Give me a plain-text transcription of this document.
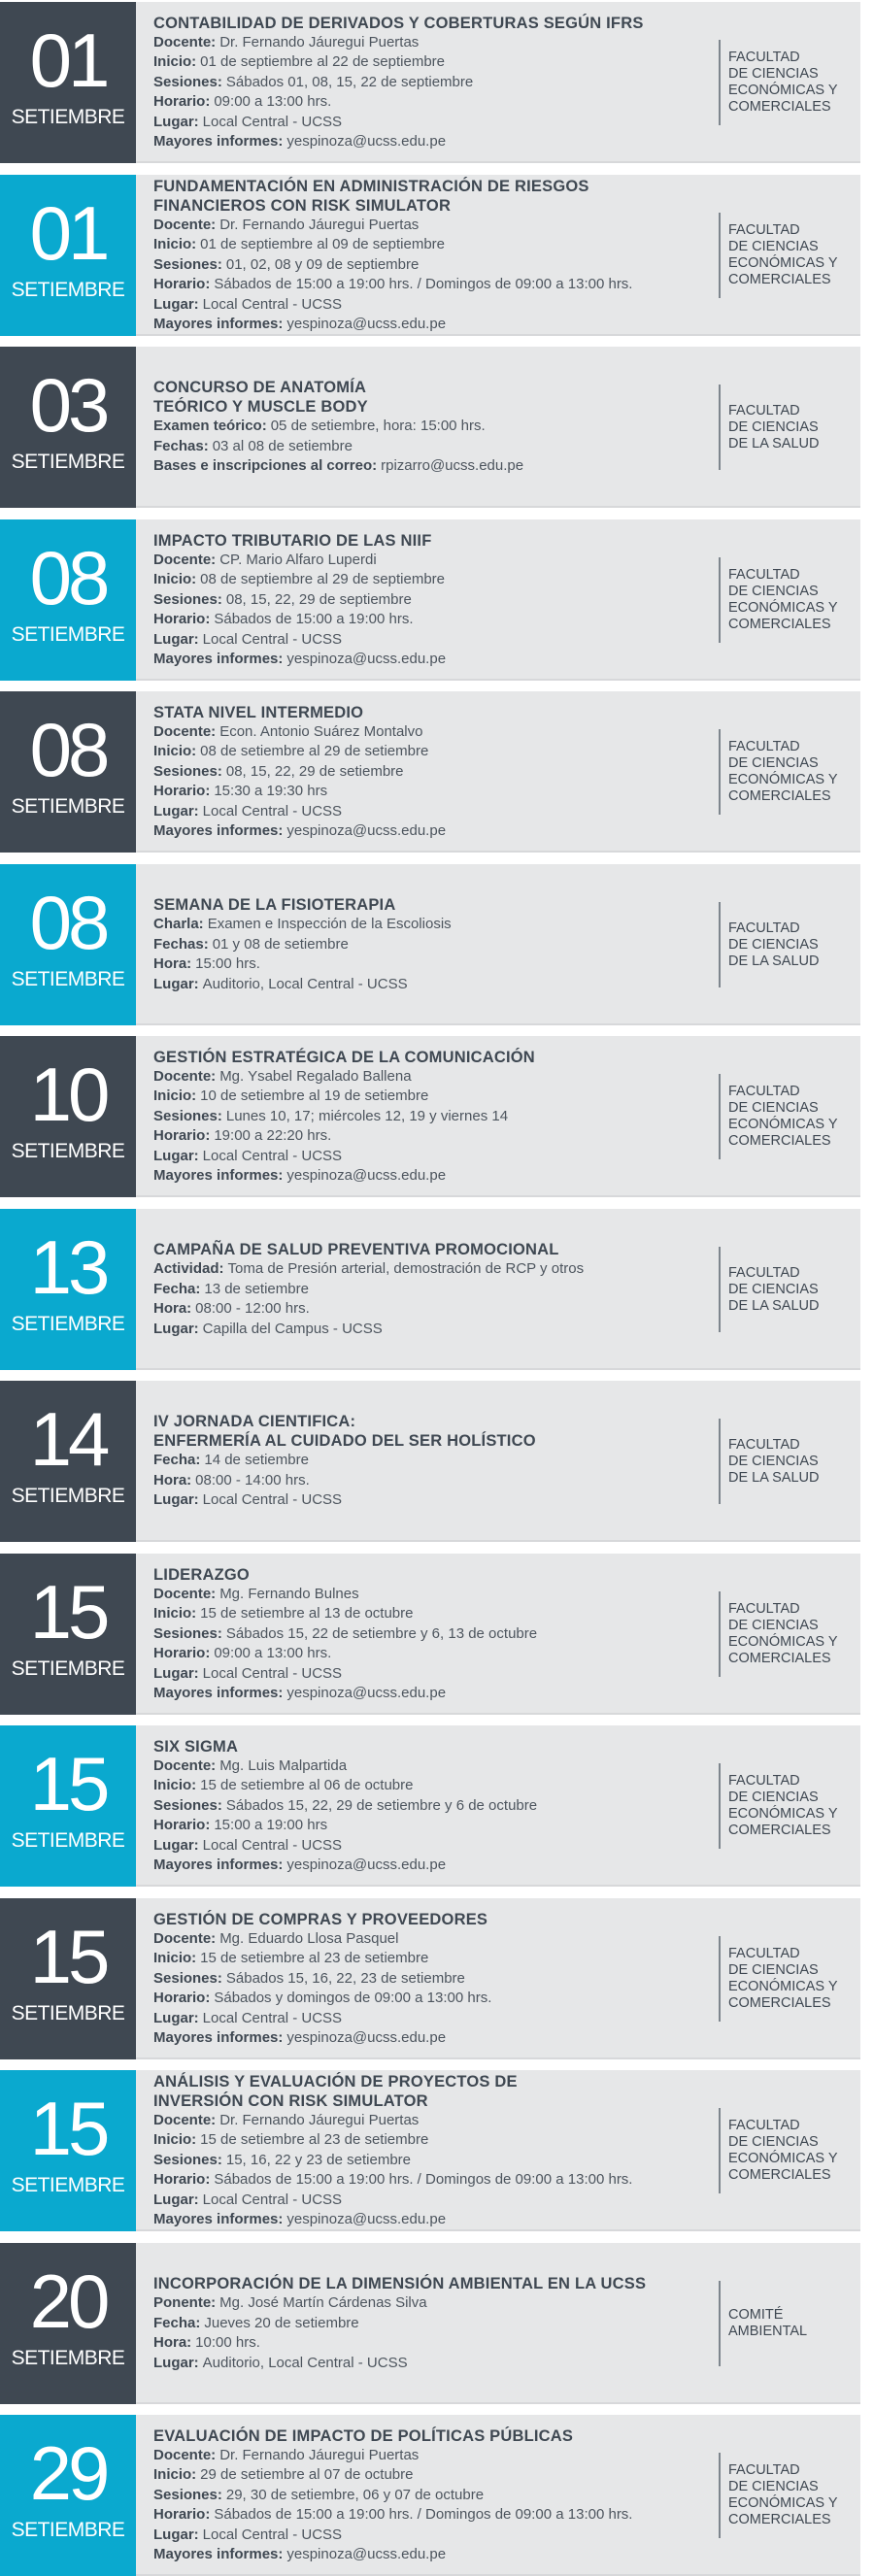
01
SETIEMBRE
CONTABILIDAD DE DERIVADOS Y COBERTURAS SEGÚN IFRS
Docente: Dr. Fernando Jáuregui Puertas
Inicio: 01 de septiembre al 22 de septiembre
Sesiones: Sábados 01, 08, 15, 22 de septiembre
Horario: 09:00 a 13:00 hrs.
Lugar: Local Central - UCSS
Mayores informes: yespinoza@ucss.edu.pe
FACULTAD
DE CIENCIAS
ECONÓMICAS Y
COMERCIALES
01
SETIEMBRE
FUNDAMENTACIÓN EN ADMINISTRACIÓN DE RIESGOS
FINANCIEROS CON RISK SIMULATOR
Docente: Dr. Fernando Jáuregui Puertas
Inicio: 01 de septiembre al 09 de septiembre
Sesiones: 01, 02, 08 y 09 de septiembre
Horario: Sábados de 15:00 a 19:00 hrs. / Domingos de 09:00 a 13:00 hrs.
Lugar: Local Central - UCSS
Mayores informes: yespinoza@ucss.edu.pe
FACULTAD
DE CIENCIAS
ECONÓMICAS Y
COMERCIALES
03
SETIEMBRE
CONCURSO DE ANATOMÍA
TEÓRICO Y MUSCLE BODY
Examen teórico: 05 de setiembre, hora: 15:00 hrs.
Fechas: 03 al 08 de setiembre
Bases e inscripciones al correo: rpizarro@ucss.edu.pe
FACULTAD
DE CIENCIAS
DE LA SALUD
08
SETIEMBRE
IMPACTO TRIBUTARIO DE LAS NIIF
Docente: CP. Mario Alfaro Luperdi
Inicio: 08 de septiembre al 29 de septiembre
Sesiones: 08, 15, 22, 29 de septiembre
Horario: Sábados de 15:00 a 19:00 hrs.
Lugar: Local Central - UCSS
Mayores informes: yespinoza@ucss.edu.pe
FACULTAD
DE CIENCIAS
ECONÓMICAS Y
COMERCIALES
08
SETIEMBRE
STATA NIVEL INTERMEDIO
Docente: Econ. Antonio Suárez Montalvo
Inicio: 08 de setiembre al 29 de setiembre
Sesiones: 08, 15, 22, 29 de setiembre
Horario: 15:30 a 19:30 hrs
Lugar: Local Central - UCSS
Mayores informes: yespinoza@ucss.edu.pe
FACULTAD
DE CIENCIAS
ECONÓMICAS Y
COMERCIALES
08
SETIEMBRE
SEMANA DE LA FISIOTERAPIA
Charla: Examen e Inspección de la Escoliosis
Fechas: 01 y 08 de setiembre
Hora: 15:00 hrs.
Lugar: Auditorio, Local Central - UCSS
FACULTAD
DE CIENCIAS
DE LA SALUD
10
SETIEMBRE
GESTIÓN ESTRATÉGICA DE LA COMUNICACIÓN
Docente: Mg. Ysabel Regalado Ballena
Inicio: 10 de setiembre al 19 de setiembre
Sesiones: Lunes 10, 17; miércoles 12, 19 y viernes 14
Horario: 19:00 a 22:20 hrs.
Lugar: Local Central - UCSS
Mayores informes: yespinoza@ucss.edu.pe
FACULTAD
DE CIENCIAS
ECONÓMICAS Y
COMERCIALES
13
SETIEMBRE
CAMPAÑA DE SALUD PREVENTIVA PROMOCIONAL
Actividad: Toma de Presión arterial, demostración de RCP y otros
Fecha: 13 de setiembre
Hora: 08:00 - 12:00 hrs.
Lugar: Capilla del Campus - UCSS
FACULTAD
DE CIENCIAS
DE LA SALUD
14
SETIEMBRE
IV JORNADA CIENTIFICA:
ENFERMERÍA AL CUIDADO DEL SER HOLÍSTICO
Fecha: 14 de setiembre
Hora: 08:00 - 14:00 hrs.
Lugar: Local Central - UCSS
FACULTAD
DE CIENCIAS
DE LA SALUD
15
SETIEMBRE
LIDERAZGO
Docente: Mg. Fernando Bulnes
Inicio: 15 de setiembre al 13 de octubre
Sesiones: Sábados 15, 22 de setiembre y 6, 13 de octubre
Horario: 09:00 a 13:00 hrs.
Lugar: Local Central - UCSS
Mayores informes: yespinoza@ucss.edu.pe
FACULTAD
DE CIENCIAS
ECONÓMICAS Y
COMERCIALES
15
SETIEMBRE
SIX SIGMA
Docente: Mg. Luis Malpartida
Inicio: 15 de setiembre al 06 de octubre
Sesiones: Sábados 15, 22, 29 de setiembre y 6 de octubre
Horario: 15:00 a 19:00 hrs
Lugar: Local Central - UCSS
Mayores informes: yespinoza@ucss.edu.pe
FACULTAD
DE CIENCIAS
ECONÓMICAS Y
COMERCIALES
15
SETIEMBRE
GESTIÓN DE COMPRAS Y PROVEEDORES
Docente: Mg. Eduardo Llosa Pasquel
Inicio: 15 de setiembre al 23 de setiembre
Sesiones: Sábados 15, 16, 22, 23 de setiembre
Horario: Sábados y domingos de 09:00 a 13:00 hrs.
Lugar: Local Central - UCSS
Mayores informes: yespinoza@ucss.edu.pe
FACULTAD
DE CIENCIAS
ECONÓMICAS Y
COMERCIALES
15
SETIEMBRE
ANÁLISIS Y EVALUACIÓN DE PROYECTOS DE
INVERSIÓN CON RISK SIMULATOR
Docente: Dr. Fernando Jáuregui Puertas
Inicio: 15 de setiembre al 23 de setiembre
Sesiones: 15, 16, 22 y 23 de setiembre
Horario: Sábados de 15:00 a 19:00 hrs. / Domingos de 09:00 a 13:00 hrs.
Lugar: Local Central - UCSS
Mayores informes: yespinoza@ucss.edu.pe
FACULTAD
DE CIENCIAS
ECONÓMICAS Y
COMERCIALES
20
SETIEMBRE
INCORPORACIÓN DE LA DIMENSIÓN AMBIENTAL EN LA UCSS
Ponente: Mg. José Martín Cárdenas Silva
Fecha: Jueves 20 de setiembre
Hora: 10:00 hrs.
Lugar: Auditorio, Local Central - UCSS
COMITÉ
AMBIENTAL
29
SETIEMBRE
EVALUACIÓN DE IMPACTO DE POLÍTICAS PÚBLICAS
Docente: Dr. Fernando Jáuregui Puertas
Inicio: 29 de setiembre al 07 de octubre
Sesiones: 29, 30 de setiembre, 06 y 07 de octubre
Horario: Sábados de 15:00 a 19:00 hrs. / Domingos de 09:00 a 13:00 hrs.
Lugar: Local Central - UCSS
Mayores informes: yespinoza@ucss.edu.pe
FACULTAD
DE CIENCIAS
ECONÓMICAS Y
COMERCIALES
